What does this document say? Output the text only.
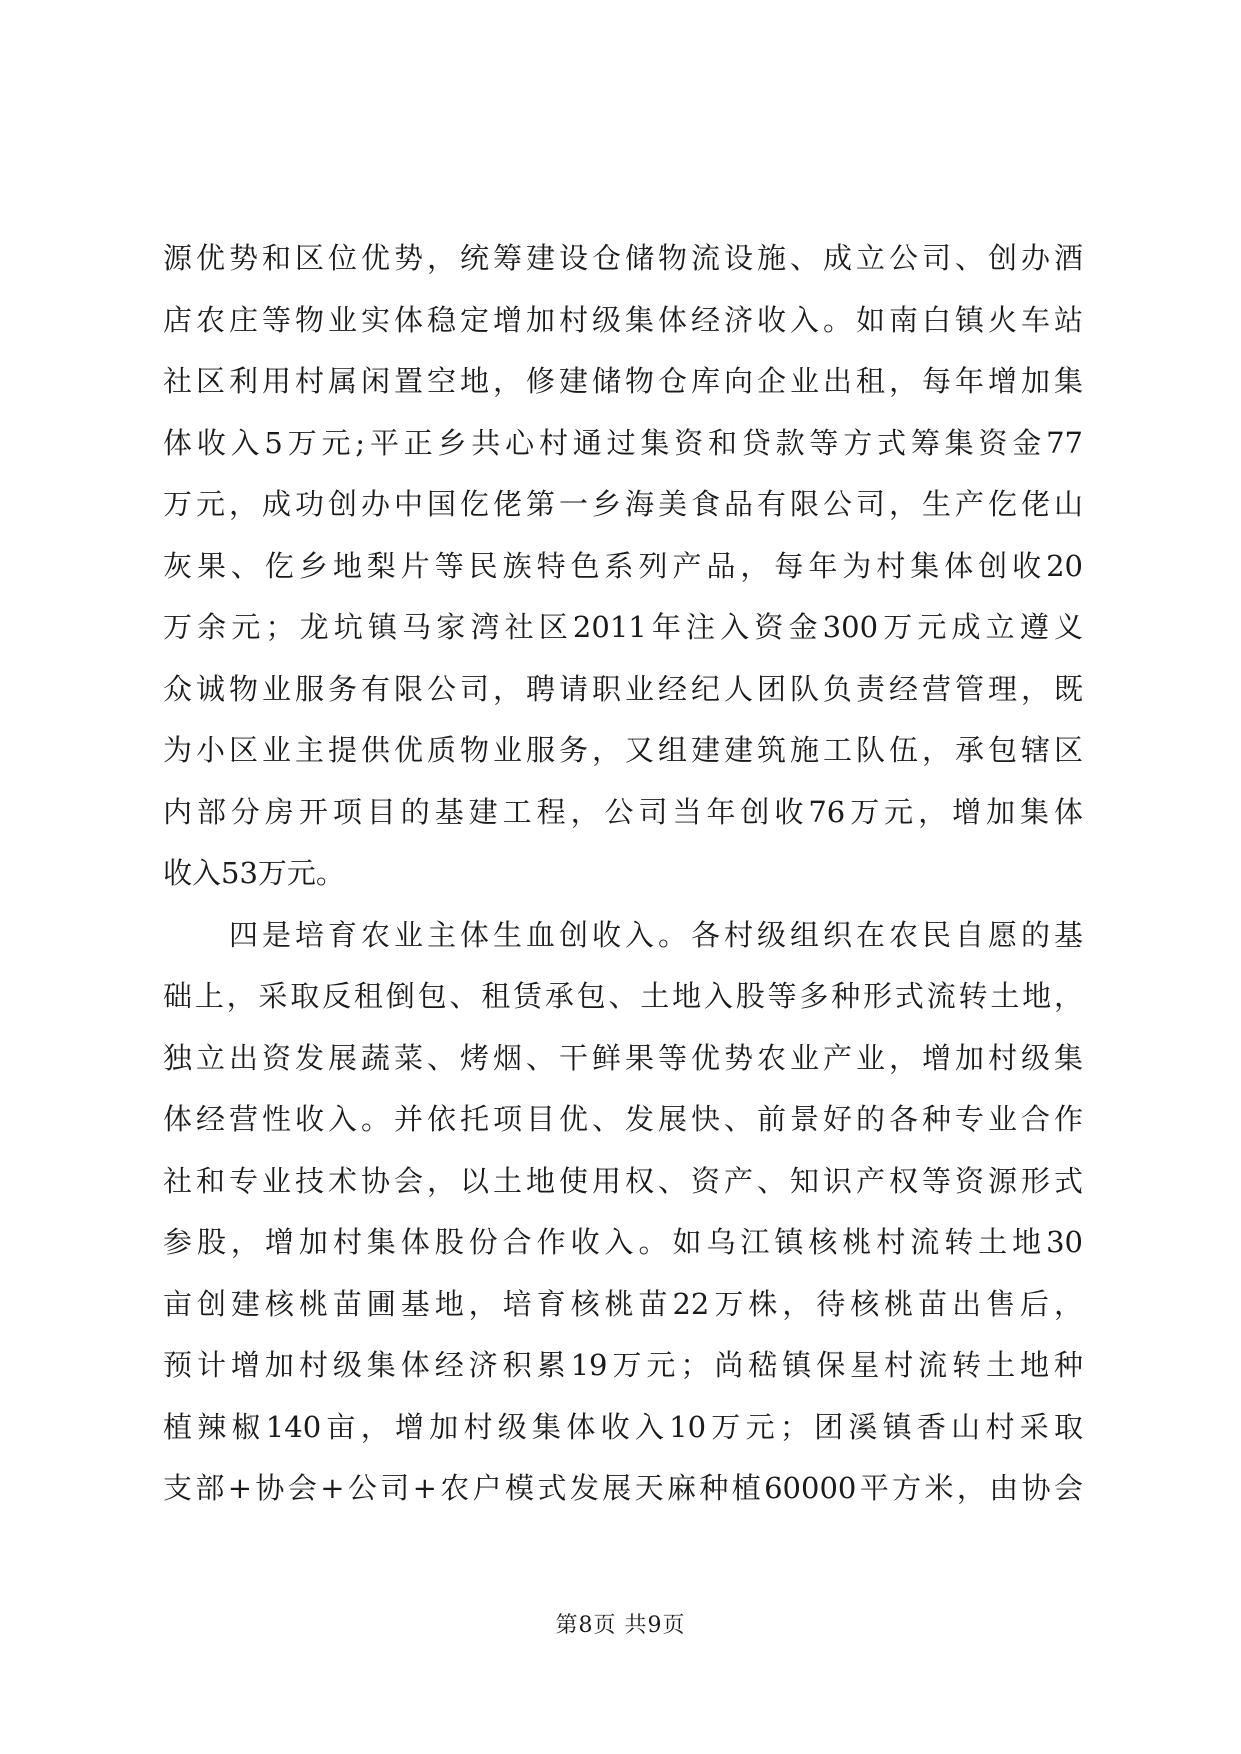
源优势和区位优势，统筹建设仓储物流设施、成立公司、创办酒
店农庄等物业实体稳定增加村级集体经济收入。如南白镇火车站
社区利用村属闲置空地，修建储物仓库向企业出租，每年增加集
体收入5万元;平正乡共心村通过集资和贷款等方式筹集资金77
万元，成功创办中国仡佬第一乡海美食品有限公司，生产仡佬山
灰果、仡乡地梨片等民族特色系列产品，每年为村集体创收20
万余元；龙坑镇马家湾社区2011年注入资金300万元成立遵义
众诚物业服务有限公司，聘请职业经纪人团队负责经营管理，既
为小区业主提供优质物业服务，又组建建筑施工队伍，承包辖区
内部分房开项目的基建工程，公司当年创收76万元，增加集体
收入53万元。
四是培育农业主体生血创收入。各村级组织在农民自愿的基
础上，采取反租倒包、租赁承包、土地入股等多种形式流转土地，
独立出资发展蔬菜、烤烟、干鲜果等优势农业产业，增加村级集
体经营性收入。并依托项目优、发展快、前景好的各种专业合作
社和专业技术协会，以土地使用权、资产、知识产权等资源形式
参股，增加村集体股份合作收入。如乌江镇核桃村流转土地30
亩创建核桃苗圃基地，培育核桃苗22万株，待核桃苗出售后，
预计增加村级集体经济积累19万元；尚嵇镇保星村流转土地种
植辣椒140亩，增加村级集体收入10万元；团溪镇香山村采取
支部+协会+公司+农户模式发展天麻种植60000平方米，由协会
第8页 共9页
